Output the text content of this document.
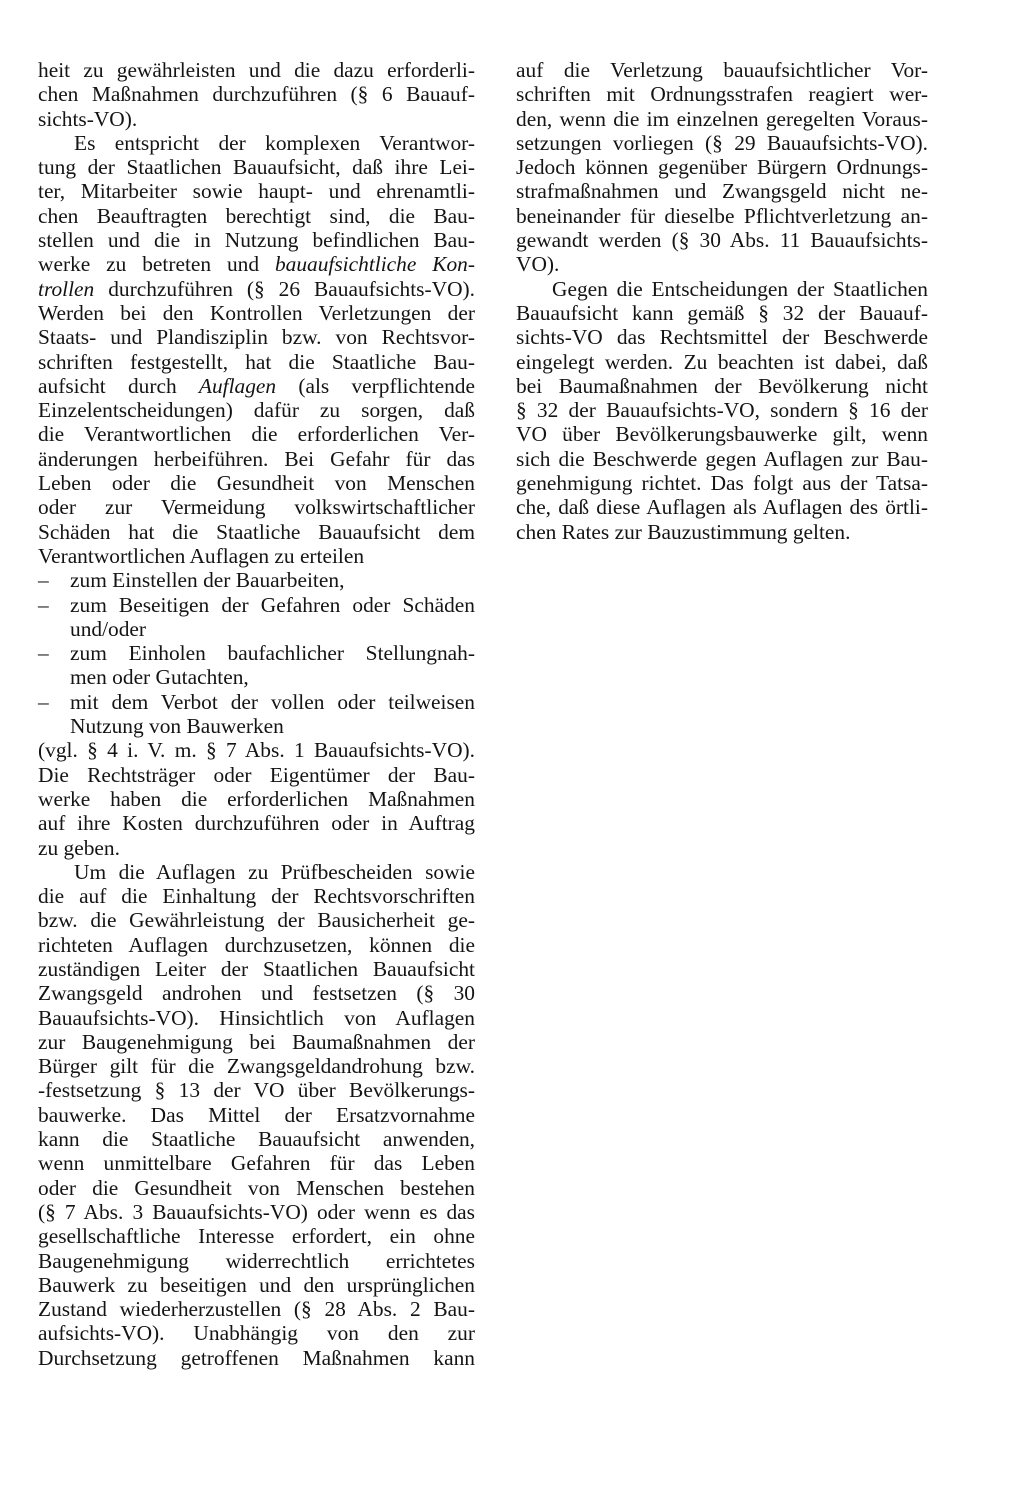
heit zu gewährleisten und die dazu erforderli-
chen Maßnahmen durchzuführen (§ 6 Bauauf-
sichts-VO).
Es entspricht der komplexen Verantwor-
tung der Staatlichen Bauaufsicht, daß ihre Lei-
ter, Mitarbeiter sowie haupt- und ehrenamtli-
chen Beauftragten berechtigt sind, die Bau-
stellen und die in Nutzung befindlichen Bau-
werke zu betreten und bauaufsichtliche Kon-
trollen durchzuführen (§ 26 Bauaufsichts-VO).
Werden bei den Kontrollen Verletzungen der
Staats- und Plandisziplin bzw. von Rechtsvor-
schriften festgestellt, hat die Staatliche Bau-
aufsicht durch Auflagen (als verpflichtende
Einzelentscheidungen) dafür zu sorgen, daß
die Verantwortlichen die erforderlichen Ver-
änderungen herbeiführen. Bei Gefahr für das
Leben oder die Gesundheit von Menschen
oder zur Vermeidung volkswirtschaftlicher
Schäden hat die Staatliche Bauaufsicht dem
Verantwortlichen Auflagen zu erteilen
– zum Einstellen der Bauarbeiten,
– zum Beseitigen der Gefahren oder Schäden
und/oder
– zum Einholen baufachlicher Stellungnah-
men oder Gutachten,
– mit dem Verbot der vollen oder teilweisen
Nutzung von Bauwerken
(vgl. § 4 i. V. m. § 7 Abs. 1 Bauaufsichts-VO).
Die Rechtsträger oder Eigentümer der Bau-
werke haben die erforderlichen Maßnahmen
auf ihre Kosten durchzuführen oder in Auftrag
zu geben.
Um die Auflagen zu Prüfbescheiden sowie
die auf die Einhaltung der Rechtsvorschriften
bzw. die Gewährleistung der Bausicherheit ge-
richteten Auflagen durchzusetzen, können die
zuständigen Leiter der Staatlichen Bauaufsicht
Zwangsgeld androhen und festsetzen (§ 30
Bauaufsichts-VO). Hinsichtlich von Auflagen
zur Baugenehmigung bei Baumaßnahmen der
Bürger gilt für die Zwangsgeldandrohung bzw.
-festsetzung § 13 der VO über Bevölkerungs-
bauwerke. Das Mittel der Ersatzvornahme
kann die Staatliche Bauaufsicht anwenden,
wenn unmittelbare Gefahren für das Leben
oder die Gesundheit von Menschen bestehen
(§ 7 Abs. 3 Bauaufsichts-VO) oder wenn es das
gesellschaftliche Interesse erfordert, ein ohne
Baugenehmigung widerrechtlich errichtetes
Bauwerk zu beseitigen und den ursprünglichen
Zustand wiederherzustellen (§ 28 Abs. 2 Bau-
aufsichts-VO). Unabhängig von den zur
Durchsetzung getroffenen Maßnahmen kann
auf die Verletzung bauaufsichtlicher Vor-
schriften mit Ordnungsstrafen reagiert wer-
den, wenn die im einzelnen geregelten Voraus-
setzungen vorliegen (§ 29 Bauaufsichts-VO).
Jedoch können gegenüber Bürgern Ordnungs-
strafmaßnahmen und Zwangsgeld nicht ne-
beneinander für dieselbe Pflichtverletzung an-
gewandt werden (§ 30 Abs. 11 Bauaufsichts-
VO).
Gegen die Entscheidungen der Staatlichen
Bauaufsicht kann gemäß § 32 der Bauauf-
sichts-VO das Rechtsmittel der Beschwerde
eingelegt werden. Zu beachten ist dabei, daß
bei Baumaßnahmen der Bevölkerung nicht
§ 32 der Bauaufsichts-VO, sondern § 16 der
VO über Bevölkerungsbauwerke gilt, wenn
sich die Beschwerde gegen Auflagen zur Bau-
genehmigung richtet. Das folgt aus der Tatsa-
che, daß diese Auflagen als Auflagen des örtli-
chen Rates zur Bauzustimmung gelten.
